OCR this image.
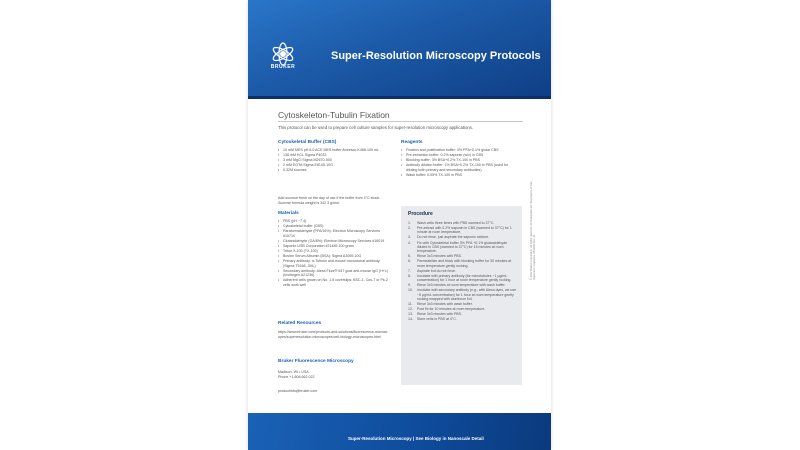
BRUKER
Super-Resolution Microscopy Protocols
Cytoskeleton-Tubulin Fixation
This protocol can be used to prepare cell culture samples for super-resolution microscopy applications.
Cytoskeletal Buffer (CBS)
• 10 mM MES pH 6.0 ACE MES buffer Amresco K488-100 mL
• 138 mM KCL Sigma P4033
• 3 mM MgCl Sigma M2670-500
• 2 mM EGTA Sigma E8145-10G
• 0.32M sucrose
Add sucrose fresh on the day of use if the buffer from 4°C stock. Sucrose formula weight is 342.3 g/mol.
Materials
• PBS (pH ~7.4)
• Cytoskeletal buffer (CBS)
• Paraformaldehyde (PFA/16%): Electron Microscopy Services #15710
• Glutaraldehyde (GA/8%): Electron Microscopy Services #16019
• Saponin-USB Corporation #21485 100 gram
• Triton X-100 (TX-100)
• Bovine Serum Albumin (BSA): Sigma A3059-10G
• Primary antibody: α-Tubulin anti-mouse monoclonal antibody (Sigma T5168, 2ML)
• Secondary antibody: Alexa Fluor® 647 goat anti-mouse IgG (H+L) (Invitrogen A21236)
• Adherent cells grown on No. 1.5 coverslips: BSC-1, Cos-7 or Pk-2 cells work well
Related Resources
https://www.bruker.com/products-and-solutions/fluorescence-microscopes/superresolution-microscopes/cell-biology-microscopes.html
Bruker Fluorescence Microscopy
Madison, WI • USA
Phone +1.608.662.022
productinfo@bruker.com
Reagents
• Fixation and postfixation buffer: 3% PFA+0.1% glutar CBS
• Pre-extraction buffer: 0.2% saponin (w/v) in CBS
• Blocking buffer: 3% BSA+0.2% TX-100 in PBS
• Antibody dilution buffer: 1% BSA+0.2% TX-100 in PBS (used for diluting both primary and secondary antibodies)
• Wash buffer: 0.05% TX-100 in PBS
Procedure
1. Wash cells three times with PBS warmed to 37°C.
2. Pre-extract with 0.2% saponin in CBS (warmed to 37°C) for 1 minute at room temperature.
3. Do not rinse, just aspirate the saponin mixture.
4. Fix with Cytoskeletal buffer 3% PFA +0.1% glutaraldehyde diluted in CBS (warmed to 37°C) for 15 minutes at room temperature.
5. Rinse 3x3 minutes with PBS.
6. Permeabilize and block with blocking buffer for 30 minutes at room temperature gently rocking.
7. Aspirate but do not rinse.
8. Incubate with primary antibody (for microtubules ~1 µg/mL concentration) for 1 hour at room temperature gently rocking.
9. Rinse 3x3 minutes at room temperature with wash buffer.
10. Incubate with secondary antibody (e.g., with Alexa dyes, we use ~5 µg/mL concentration) for 1 hour at room temperature gently rocking wrapped with aluminum foil.
11. Rinse 3x3 minutes with wash buffer.
12. Post fix for 10 minutes at room temperature.
13. Rinse 3x3 minutes with PBS.
14. Store cells in PBS at 4°C.
© 2022 Bruker Corporation. All rights reserved. All trademarks are the property of their respective companies. DP0000 Rev. A1
Super-Resolution Microscopy | See Biology in Nanoscale Detail
